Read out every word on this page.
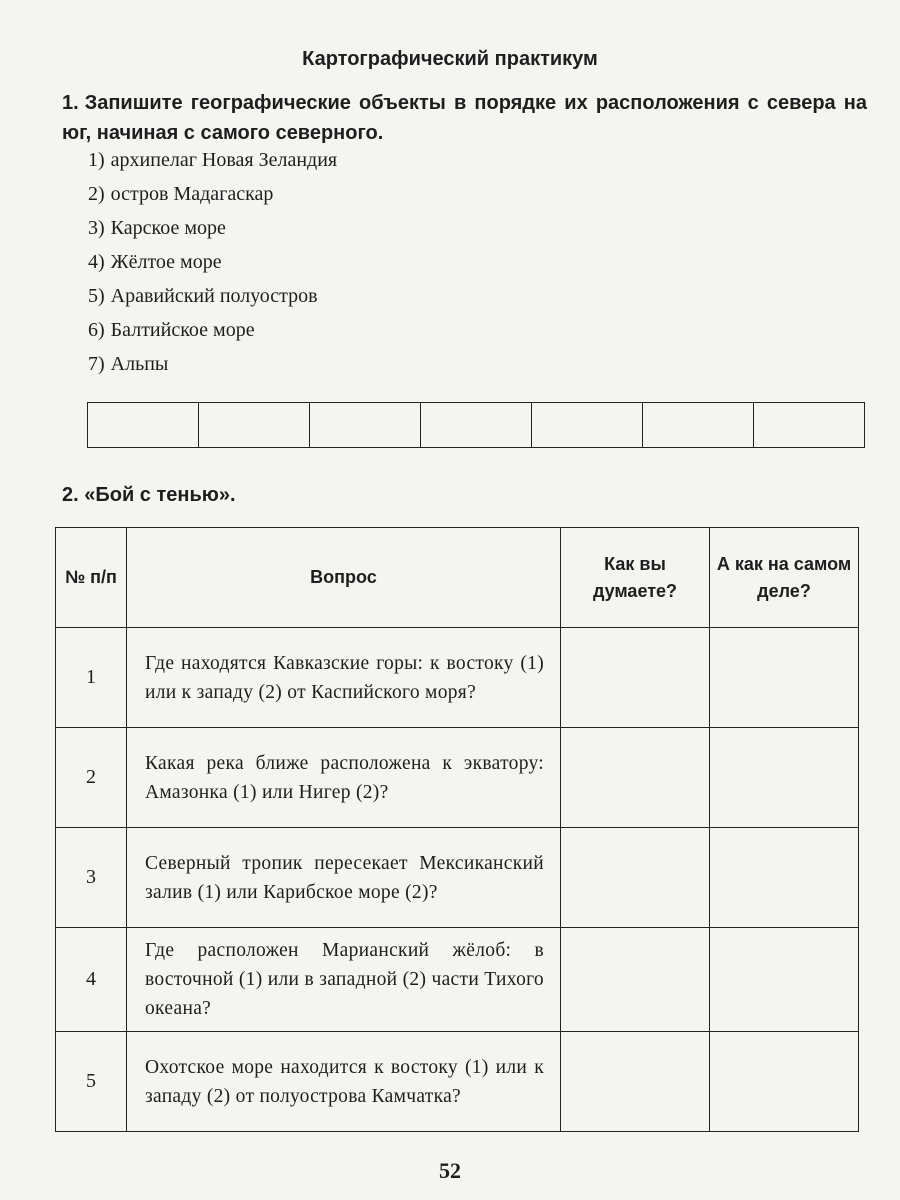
Картографический практикум
1. Запишите географические объекты в порядке их расположения с севера на юг, начиная с самого северного.
1) архипелаг Новая Зеландия
2) остров Мадагаскар
3) Карское море
4) Жёлтое море
5) Аравийский полуостров
6) Балтийское море
7) Альпы

2. «Бой с тенью».
№ п/п	Вопрос	Как вы думаете?	А как на самом деле?
1	Где находятся Кавказские горы: к востоку (1) или к западу (2) от Каспийского моря?		
2	Какая река ближе расположена к экватору: Амазонка (1) или Нигер (2)?		
3	Северный тропик пересекает Мексиканский залив (1) или Карибское море (2)?		
4	Где расположен Марианский жёлоб: в восточной (1) или в западной (2) части Тихого океана?		
5	Охотское море находится к востоку (1) или к западу (2) от полуострова Камчатка?		
52
